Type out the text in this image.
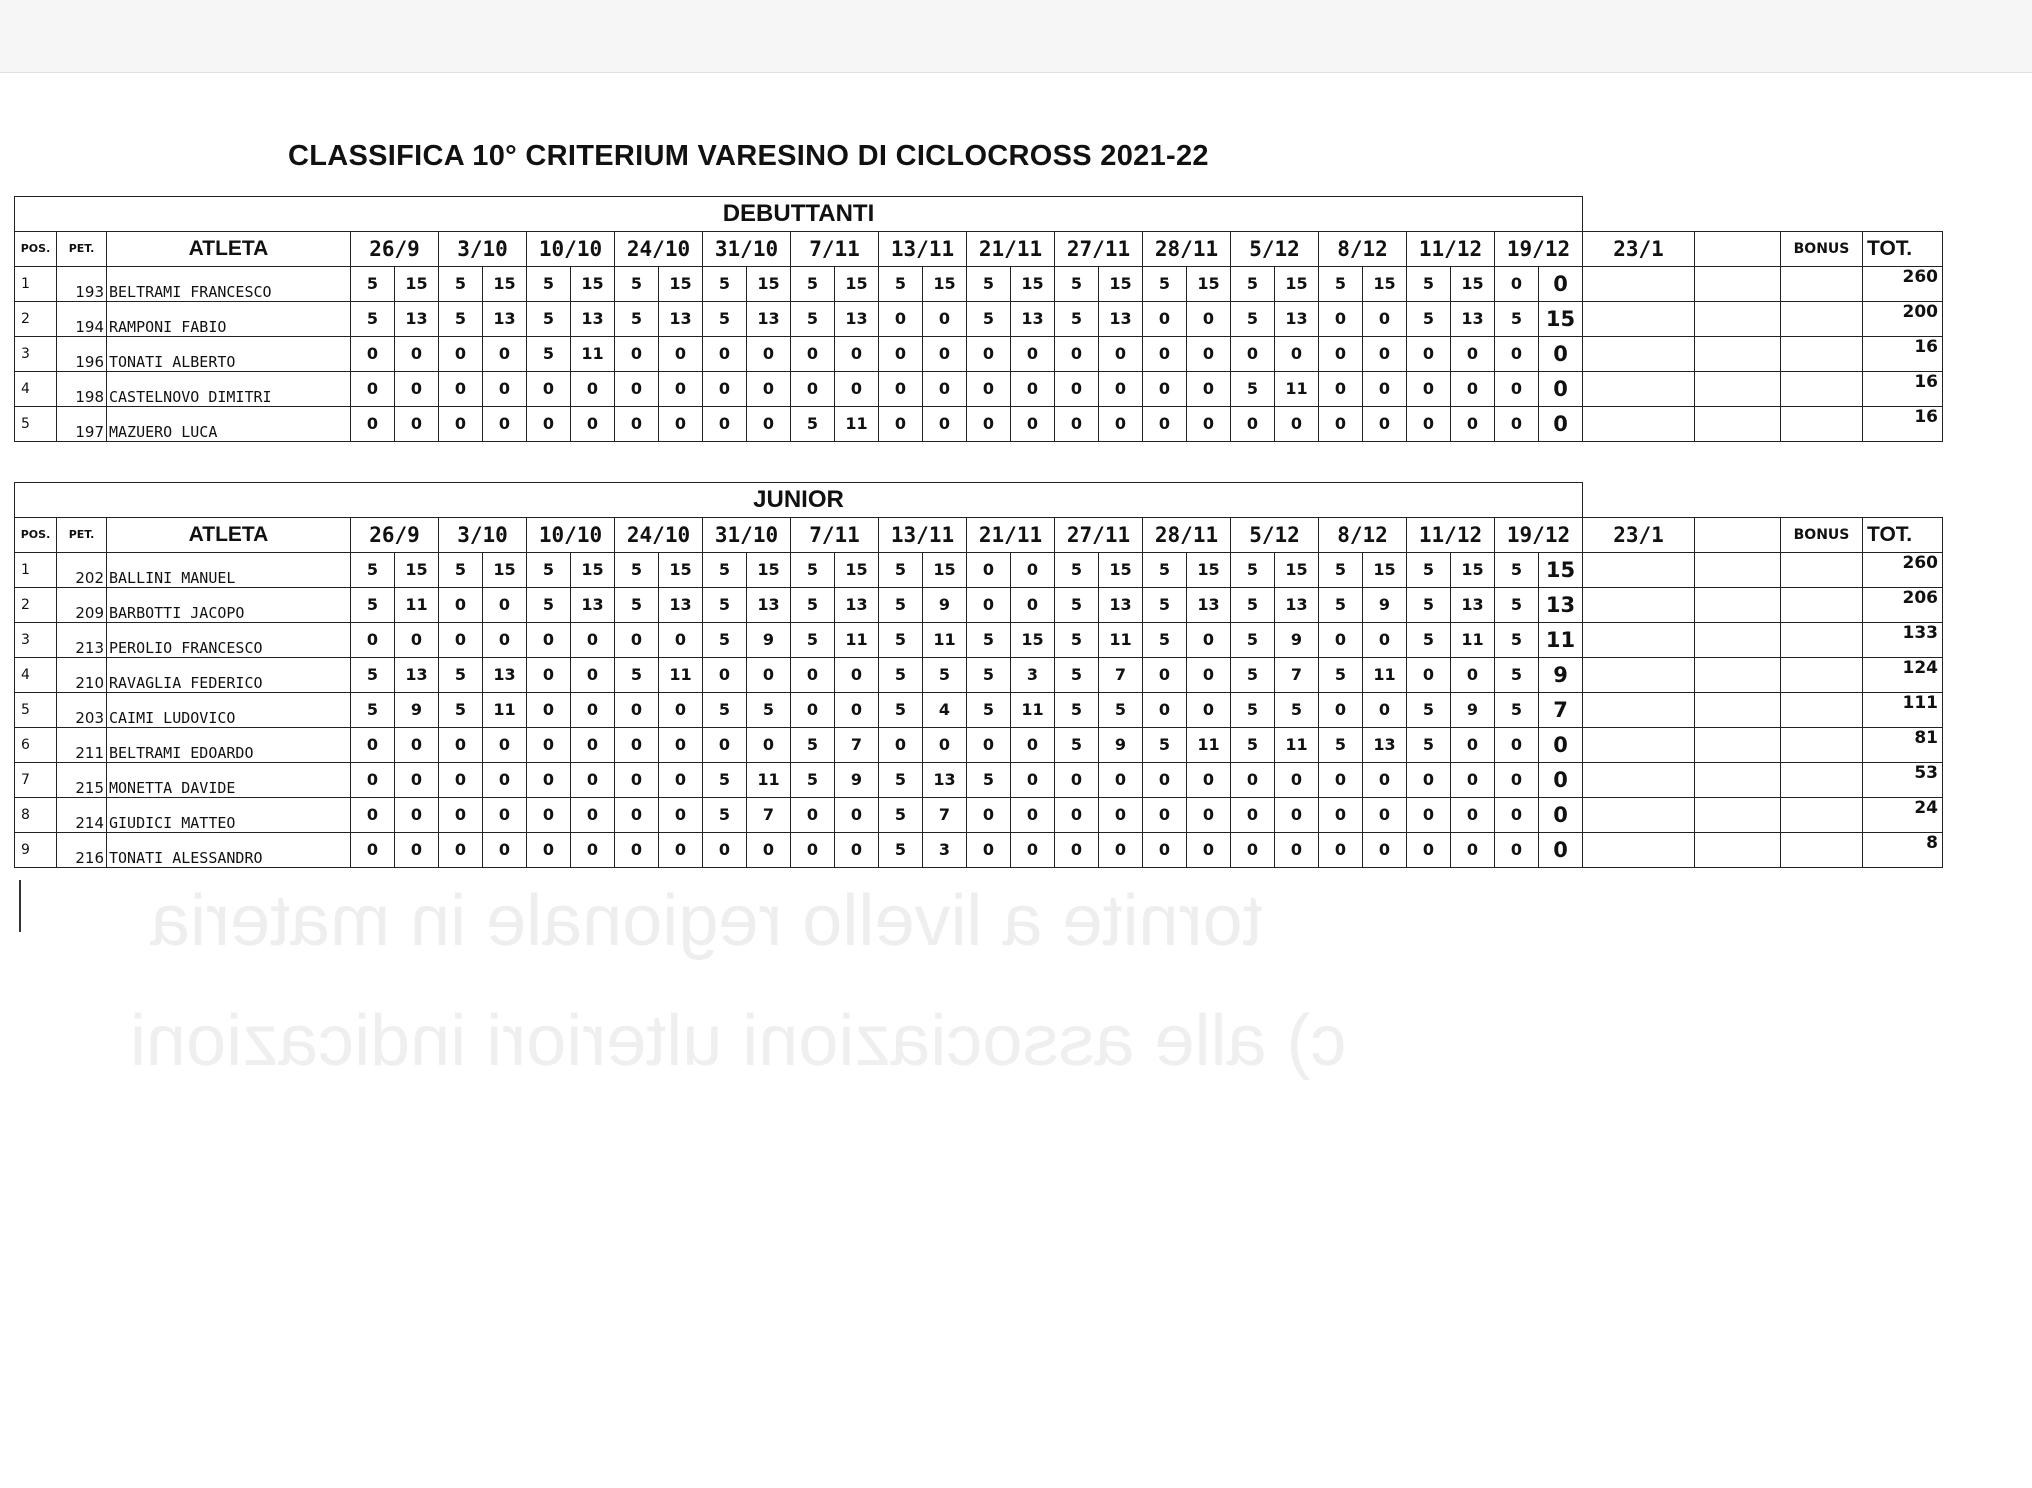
CLASSIFICA 10° CRITERIUM VARESINO DI CICLOCROSS 2021-22
tornite a livello regionale in materia
c) alle associazioni ulteriori indicazioni
DEBUTTANTI																																		
POS.	PET.	ATLETA	26/9		3/10		10/10		24/10		31/10		7/11		13/11		21/11		27/11		28/11		5/12		8/12		11/12		19/12		23/1		BONUS	TOT.
1	193	BELTRAMI FRANCESCO	5	15	5	15	5	15	5	15	5	15	5	15	5	15	5	15	5	15	5	15	5	15	5	15	5	15	0	0				260
2	194	RAMPONI FABIO	5	13	5	13	5	13	5	13	5	13	5	13	0	0	5	13	5	13	0	0	5	13	0	0	5	13	5	15				200
3	196	TONATI ALBERTO	0	0	0	0	5	11	0	0	0	0	0	0	0	0	0	0	0	0	0	0	0	0	0	0	0	0	0	0				16
4	198	CASTELNOVO DIMITRI	0	0	0	0	0	0	0	0	0	0	0	0	0	0	0	0	0	0	0	0	5	11	0	0	0	0	0	0				16
5	197	MAZUERO LUCA	0	0	0	0	0	0	0	0	0	0	5	11	0	0	0	0	0	0	0	0	0	0	0	0	0	0	0	0				16
JUNIOR																																		
POS.	PET.	ATLETA	26/9		3/10		10/10		24/10		31/10		7/11		13/11		21/11		27/11		28/11		5/12		8/12		11/12		19/12		23/1		BONUS	TOT.
1	202	BALLINI MANUEL	5	15	5	15	5	15	5	15	5	15	5	15	5	15	0	0	5	15	5	15	5	15	5	15	5	15	5	15				260
2	209	BARBOTTI JACOPO	5	11	0	0	5	13	5	13	5	13	5	13	5	9	0	0	5	13	5	13	5	13	5	9	5	13	5	13				206
3	213	PEROLIO FRANCESCO	0	0	0	0	0	0	0	0	5	9	5	11	5	11	5	15	5	11	5	0	5	9	0	0	5	11	5	11				133
4	210	RAVAGLIA FEDERICO	5	13	5	13	0	0	5	11	0	0	0	0	5	5	5	3	5	7	0	0	5	7	5	11	0	0	5	9				124
5	203	CAIMI LUDOVICO	5	9	5	11	0	0	0	0	5	5	0	0	5	4	5	11	5	5	0	0	5	5	0	0	5	9	5	7				111
6	211	BELTRAMI EDOARDO	0	0	0	0	0	0	0	0	0	0	5	7	0	0	0	0	5	9	5	11	5	11	5	13	5	0	0	0				81
7	215	MONETTA DAVIDE	0	0	0	0	0	0	0	0	5	11	5	9	5	13	5	0	0	0	0	0	0	0	0	0	0	0	0	0				53
8	214	GIUDICI MATTEO	0	0	0	0	0	0	0	0	5	7	0	0	5	7	0	0	0	0	0	0	0	0	0	0	0	0	0	0				24
9	216	TONATI ALESSANDRO	0	0	0	0	0	0	0	0	0	0	0	0	5	3	0	0	0	0	0	0	0	0	0	0	0	0	0	0				8
